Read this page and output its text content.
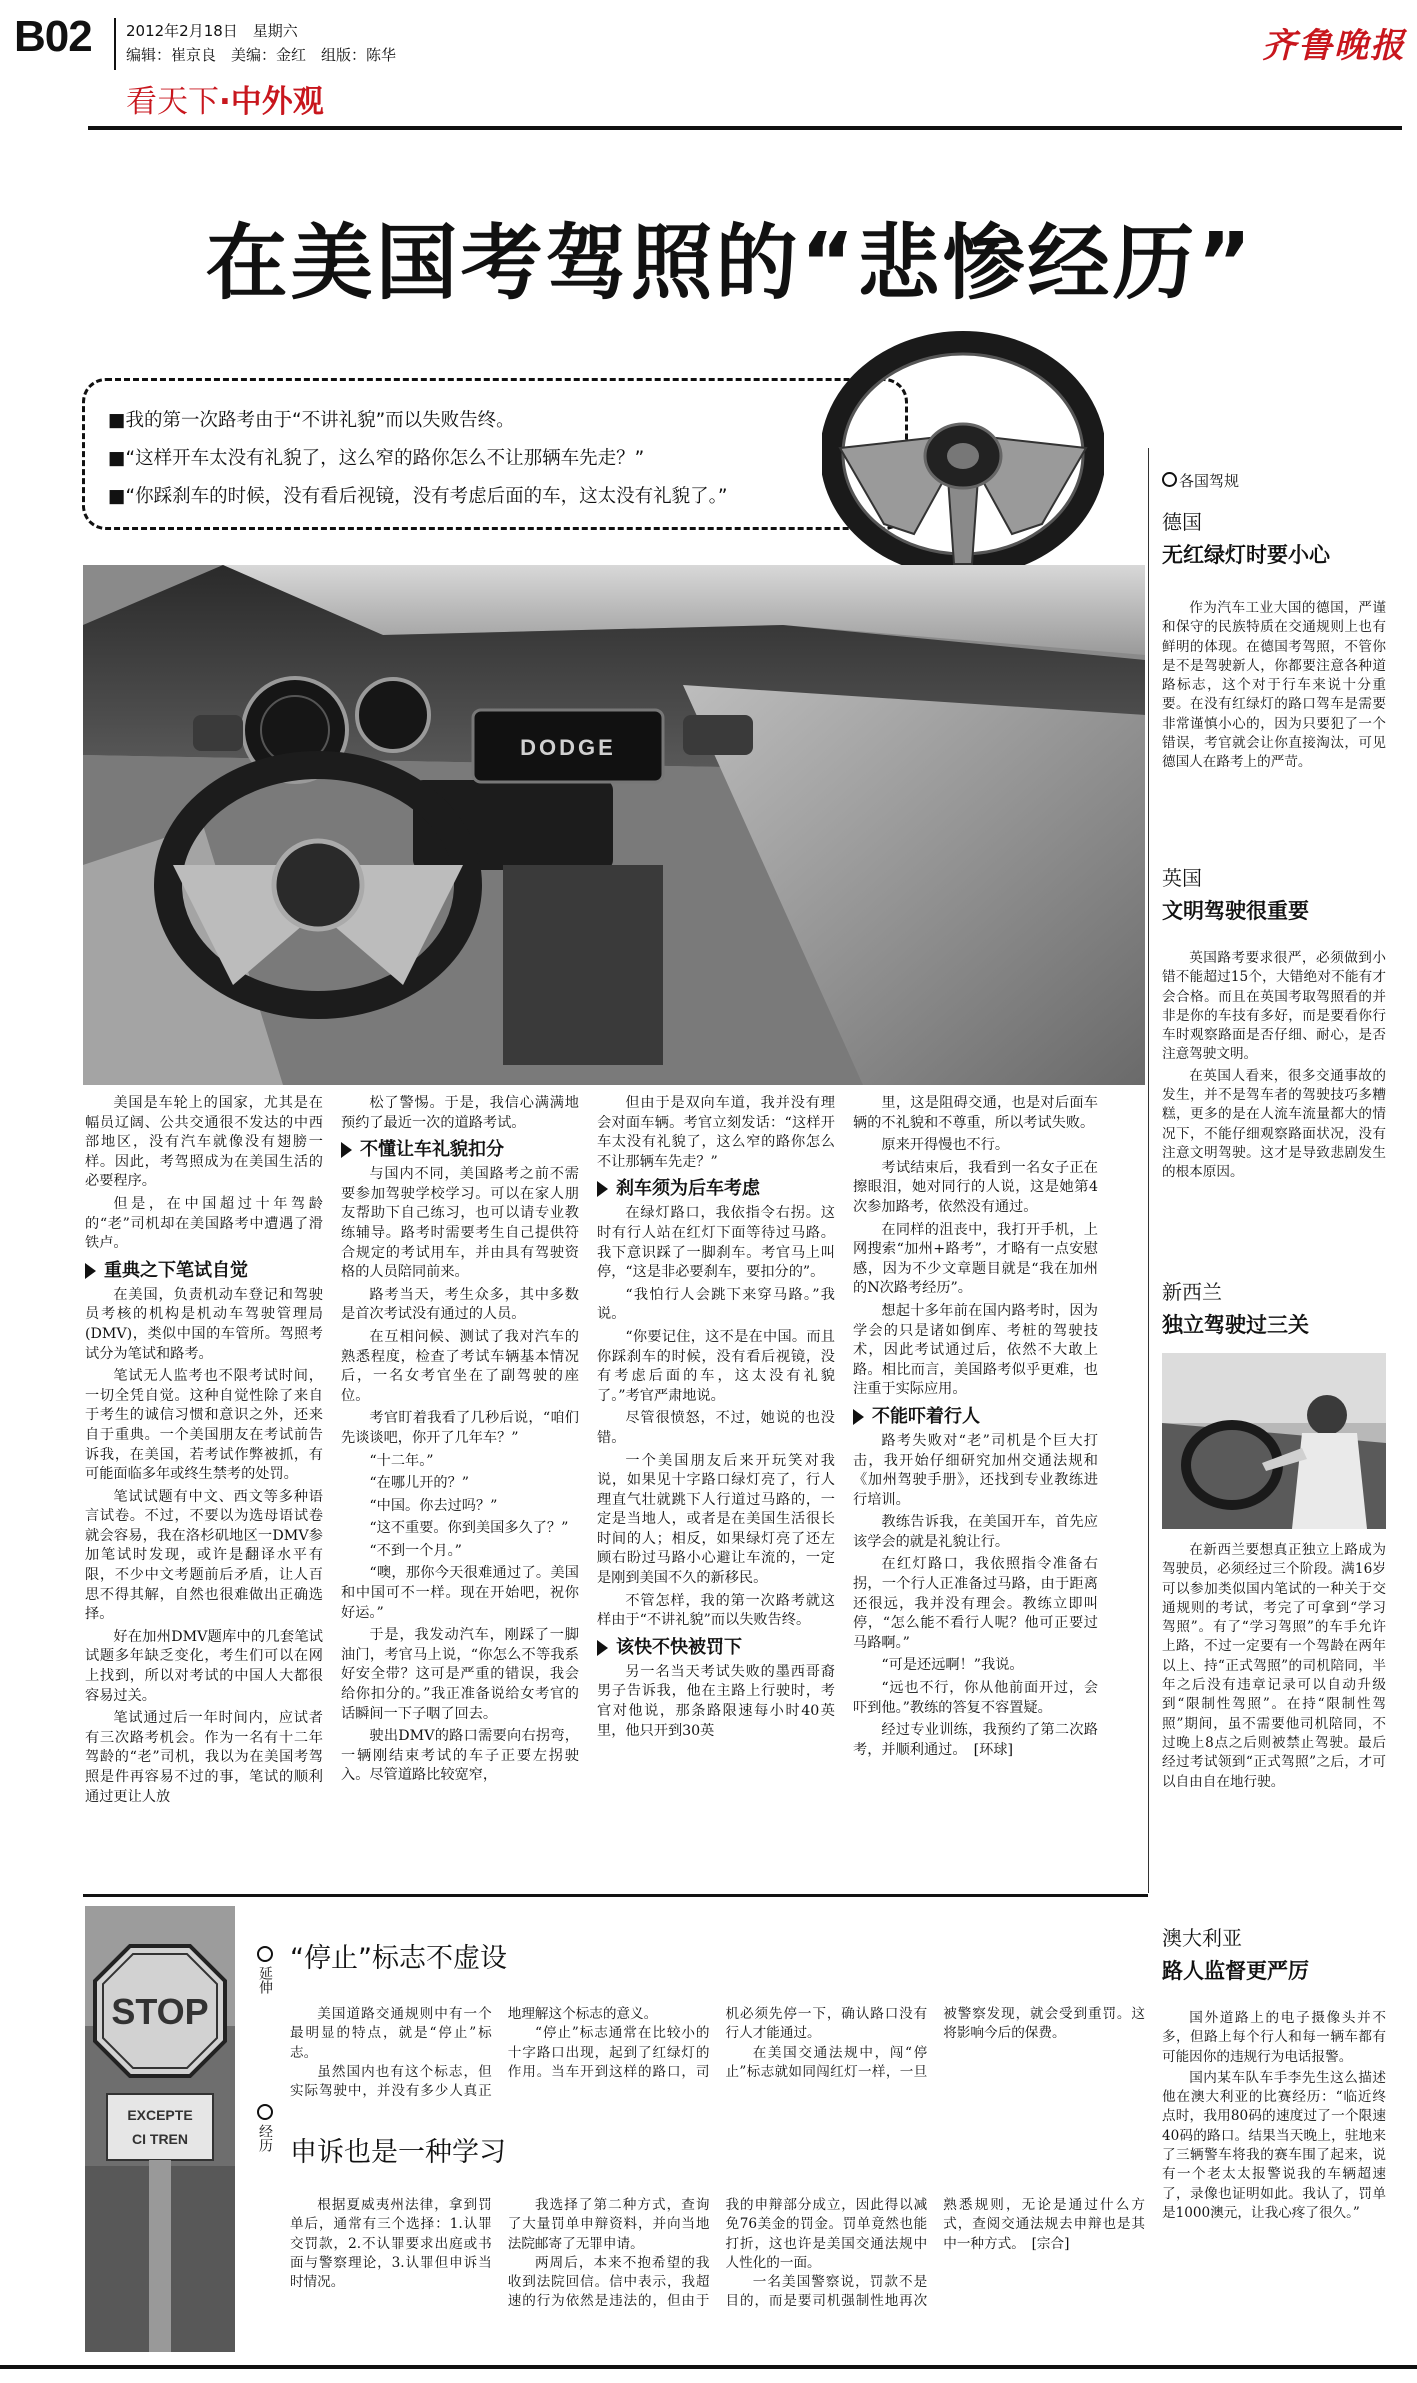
B02 2012年2月18日　星期六
编辑：崔京良　美编：金红　组版：陈华
看天下·中外观
齐鲁晚报
在美国考驾照的“悲惨经历”
■我的第一次路考由于“不讲礼貌”而以失败告终。
■“这样开车太没有礼貌了，这么窄的路你怎么不让那辆车先走？”
■“你踩刹车的时候，没有看后视镜，没有考虑后面的车，这太没有礼貌了。”
DODGE

美国是车轮上的国家，尤其是在幅员辽阔、公共交通很不发达的中西部地区，没有汽车就像没有翅膀一样。因此，考驾照成为在美国生活的必要程序。

但是，在中国超过十年驾龄的“老”司机却在美国路考中遭遇了滑铁卢。

重典之下笔试自觉

在美国，负责机动车登记和驾驶员考核的机构是机动车驾驶管理局(DMV)，类似中国的车管所。驾照考试分为笔试和路考。

笔试无人监考也不限考试时间，一切全凭自觉。这种自觉性除了来自于考生的诚信习惯和意识之外，还来自于重典。一个美国朋友在考试前告诉我，在美国，若考试作弊被抓，有可能面临多年或终生禁考的处罚。

笔试试题有中文、西文等多种语言试卷。不过，不要以为选母语试卷就会容易，我在洛杉矶地区一DMV参加笔试时发现，或许是翻译水平有限，不少中文考题前后矛盾，让人百思不得其解，自然也很难做出正确选择。

好在加州DMV题库中的几套笔试试题多年缺乏变化，考生们可以在网上找到，所以对考试的中国人大都很容易过关。

笔试通过后一年时间内，应试者有三次路考机会。作为一名有十二年驾龄的“老”司机，我以为在美国考驾照是件再容易不过的事，笔试的顺利通过更让人放

松了警惕。于是，我信心满满地预约了最近一次的道路考试。

不懂让车礼貌扣分

与国内不同，美国路考之前不需要参加驾驶学校学习。可以在家人朋友帮助下自己练习，也可以请专业教练辅导。路考时需要考生自己提供符合规定的考试用车，并由具有驾驶资格的人员陪同前来。

路考当天，考生众多，其中多数是首次考试没有通过的人员。

在互相问候、测试了我对汽车的熟悉程度，检查了考试车辆基本情况后，一名女考官坐在了副驾驶的座位。

考官盯着我看了几秒后说，“咱们先谈谈吧，你开了几年车？”

“十二年。”

“在哪儿开的？”

“中国。你去过吗？”

“这不重要。你到美国多久了？”

“不到一个月。”

“噢，那你今天很难通过了。美国和中国可不一样。现在开始吧，祝你好运。”

于是，我发动汽车，刚踩了一脚油门，考官马上说，“你怎么不等我系好安全带？这可是严重的错误，我会给你扣分的。”我正准备说给女考官的话瞬间一下子咽了回去。

驶出DMV的路口需要向右拐弯，一辆刚结束考试的车子正要左拐驶入。尽管道路比较宽窄，

但由于是双向车道，我并没有理会对面车辆。考官立刻发话：“这样开车太没有礼貌了，这么窄的路你怎么不让那辆车先走？”

刹车须为后车考虑

在绿灯路口，我依指令右拐。这时有行人站在红灯下面等待过马路。我下意识踩了一脚刹车。考官马上叫停，“这是非必要刹车，要扣分的”。

“我怕行人会跳下来穿马路。”我说。

“你要记住，这不是在中国。而且你踩刹车的时候，没有看后视镜，没有考虑后面的车，这太没有礼貌了。”考官严肃地说。

尽管很愤怒，不过，她说的也没错。

一个美国朋友后来开玩笑对我说，如果见十字路口绿灯亮了，行人理直气壮就跳下人行道过马路的，一定是当地人，或者是在美国生活很长时间的人；相反，如果绿灯亮了还左顾右盼过马路小心避让车流的，一定是刚到美国不久的新移民。

不管怎样，我的第一次路考就这样由于“不讲礼貌”而以失败告终。

该快不快被罚下

另一名当天考试失败的墨西哥裔男子告诉我，他在主路上行驶时，考官对他说，那条路限速每小时40英里，他只开到30英

里，这是阻碍交通，也是对后面车辆的不礼貌和不尊重，所以考试失败。

原来开得慢也不行。

考试结束后，我看到一名女子正在擦眼泪，她对同行的人说，这是她第4次参加路考，依然没有通过。

在同样的沮丧中，我打开手机，上网搜索“加州+路考”，才略有一点安慰感，因为不少文章题目就是“我在加州的N次路考经历”。

想起十多年前在国内路考时，因为学会的只是诸如倒库、考桩的驾驶技术，因此考试通过后，依然不大敢上路。相比而言，美国路考似乎更难，也注重于实际应用。

不能吓着行人

路考失败对“老”司机是个巨大打击，我开始仔细研究加州交通法规和《加州驾驶手册》，还找到专业教练进行培训。

教练告诉我，在美国开车，首先应该学会的就是礼貌让行。

在红灯路口，我依照指令准备右拐，一个行人正准备过马路，由于距离还很远，我并没有理会。教练立即叫停，“怎么能不看行人呢？他可正要过马路啊。”

“可是还远啊！”我说。

“远也不行，你从他前面开过，会吓到他。”教练的答复不容置疑。

经过专业训练，我预约了第二次路考，并顺利通过。　[环球]

各国驾规
德国
无红绿灯时要小心

作为汽车工业大国的德国，严谨和保守的民族特质在交通规则上也有鲜明的体现。在德国考驾照，不管你是不是驾驶新人，你都要注意各种道路标志，这个对于行车来说十分重要。在没有红绿灯的路口驾车是需要非常谨慎小心的，因为只要犯了一个错误，考官就会让你直接淘汰，可见德国人在路考上的严苛。

英国
文明驾驶很重要

英国路考要求很严，必须做到小错不能超过15个，大错绝对不能有才会合格。而且在英国考取驾照看的并非是你的车技有多好，而是要看你行车时观察路面是否仔细、耐心，是否注意驾驶文明。

在英国人看来，很多交通事故的发生，并不是驾车者的驾驶技巧多糟糕，更多的是在人流车流量都大的情况下，不能仔细观察路面状况，没有注意文明驾驶。这才是导致悲剧发生的根本原因。

新西兰
独立驾驶过三关

在新西兰要想真正独立上路成为驾驶员，必须经过三个阶段。满16岁可以参加类似国内笔试的一种关于交通规则的考试，考完了可拿到“学习驾照”。有了“学习驾照”的车手允许上路，不过一定要有一个驾龄在两年以上、持“正式驾照”的司机陪同，半年之后没有违章记录可以自动升级到“限制性驾照”。在持“限制性驾照”期间，虽不需要他司机陪同，不过晚上8点之后则被禁止驾驶。最后经过考试领到“正式驾照”之后，才可以自由自在地行驶。

澳大利亚
路人监督更严厉

国外道路上的电子摄像头并不多，但路上每个行人和每一辆车都有可能因你的违规行为电话报警。

国内某车队车手李先生这么描述他在澳大利亚的比赛经历：“临近终点时，我用80码的速度过了一个限速40码的路口。结果当天晚上，驻地来了三辆警车将我的赛车围了起来，说有一个老太太报警说我的车辆超速了，录像也证明如此。我认了，罚单是1000澳元，让我心疼了很久。”

STOP
EXCEPTE
CI TREN
延伸
经历
“停止”标志不虚设

美国道路交通规则中有一个最明显的特点，就是“停止”标志。

虽然国内也有这个标志，但实际驾驶中，并没有多少人真正地理解这个标志的意义。

“停止”标志通常在比较小的十字路口出现，起到了红绿灯的作用。当车开到这样的路口，司机必须先停一下，确认路口没有行人才能通过。

在美国交通法规中，闯“停止”标志就如同闯红灯一样，一旦被警察发现，就会受到重罚。这将影响今后的保费。

申诉也是一种学习

根据夏威夷州法律，拿到罚单后，通常有三个选择：1.认罪交罚款，2.不认罪要求出庭或书面与警察理论，3.认罪但申诉当时情况。

我选择了第二种方式，查询了大量罚单申辩资料，并向当地法院邮寄了无罪申请。

两周后，本来不抱希望的我收到法院回信。信中表示，我超速的行为依然是违法的，但由于我的申辩部分成立，因此得以减免76美金的罚金。罚单竟然也能打折，这也许是美国交通法规中人性化的一面。

一名美国警察说，罚款不是目的，而是要司机强制性地再次熟悉规则，无论是通过什么方式，查阅交通法规去申辩也是其中一种方式。　[宗合]
